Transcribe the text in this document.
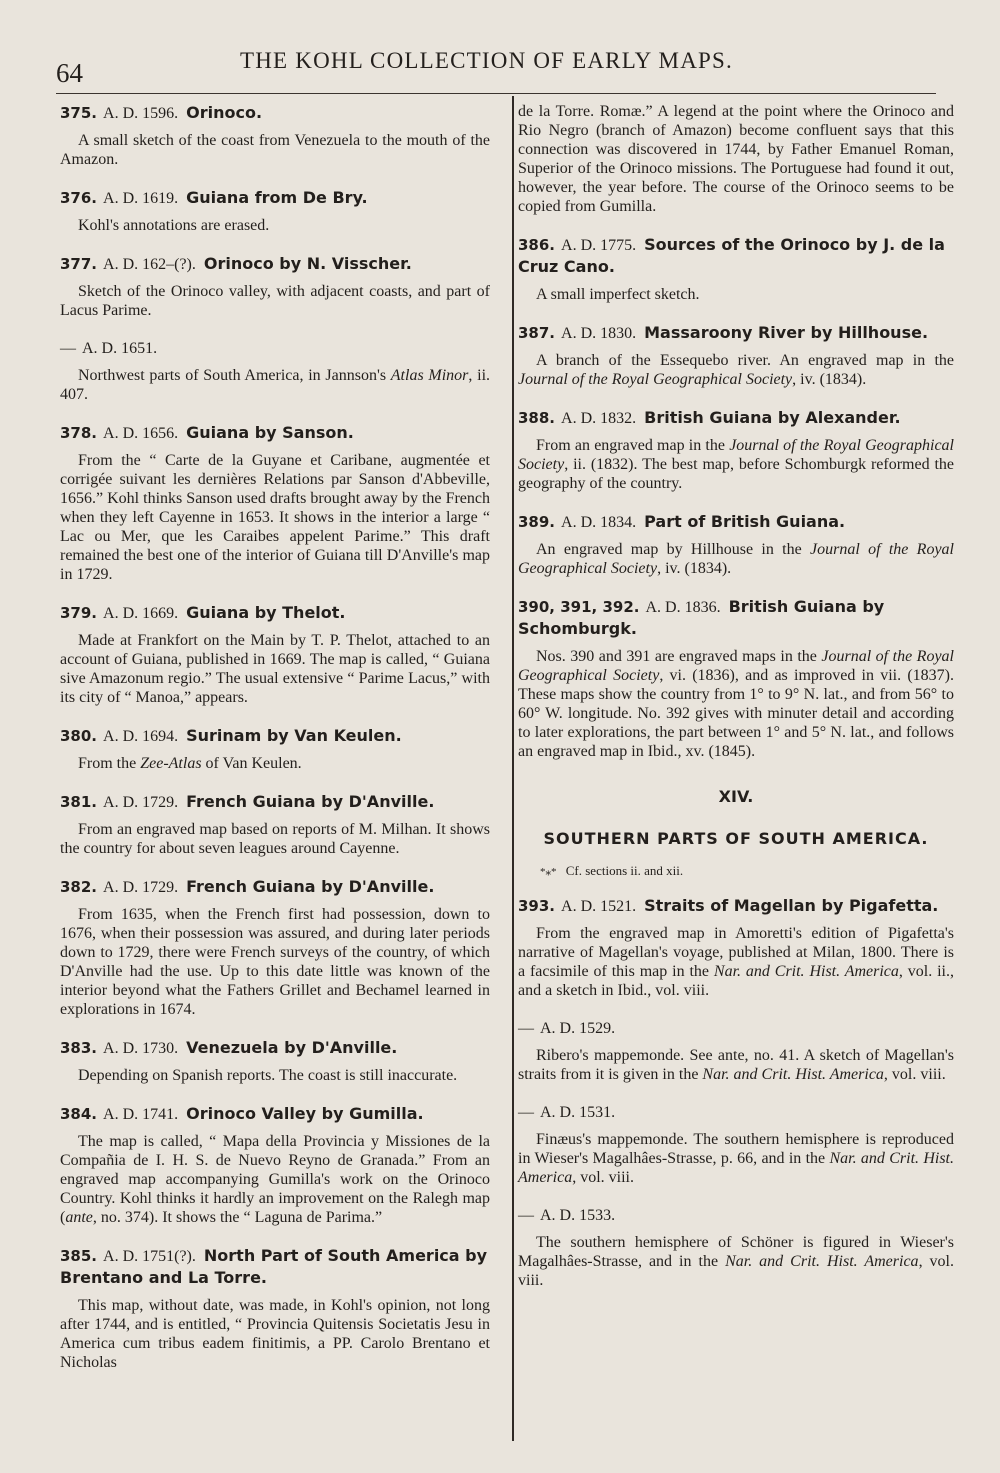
64	THE KOHL COLLECTION OF EARLY MAPS.
375. A. D. 1596. Orinoco.

A small sketch of the coast from Venezuela to the mouth of the Amazon.

376. A. D. 1619. Guiana from De Bry.

Kohl's annotations are erased.

377. A. D. 162–(?). Orinoco by N. Visscher.

Sketch of the Orinoco valley, with adjacent coasts, and part of Lacus Parime.

— A. D. 1651.

Northwest parts of South America, in Jannson's Atlas Minor, ii. 407.

378. A. D. 1656. Guiana by Sanson.

From the “ Carte de la Guyane et Caribane, augmentée et corrigée suivant les dernières Relations par Sanson d'Abbeville, 1656.” Kohl thinks Sanson used drafts brought away by the French when they left Cayenne in 1653. It shows in the interior a large “ Lac ou Mer, que les Caraibes appelent Parime.” This draft remained the best one of the interior of Guiana till D'Anville's map in 1729.

379. A. D. 1669. Guiana by Thelot.

Made at Frankfort on the Main by T. P. Thelot, attached to an account of Guiana, published in 1669. The map is called, “ Guiana sive Amazonum regio.” The usual extensive “ Parime Lacus,” with its city of “ Manoa,” appears.

380. A. D. 1694. Surinam by Van Keulen.

From the Zee-Atlas of Van Keulen.

381. A. D. 1729. French Guiana by D'Anville.

From an engraved map based on reports of M. Milhan. It shows the country for about seven leagues around Cayenne.

382. A. D. 1729. French Guiana by D'Anville.

From 1635, when the French first had possession, down to 1676, when their possession was assured, and during later periods down to 1729, there were French surveys of the country, of which D'Anville had the use. Up to this date little was known of the interior beyond what the Fathers Grillet and Bechamel learned in explorations in 1674.

383. A. D. 1730. Venezuela by D'Anville.

Depending on Spanish reports. The coast is still inaccurate.

384. A. D. 1741. Orinoco Valley by Gumilla.

The map is called, “ Mapa della Provincia y Missiones de la Compañia de I. H. S. de Nuevo Reyno de Granada.” From an engraved map accompanying Gumilla's work on the Orinoco Country. Kohl thinks it hardly an improvement on the Ralegh map (ante, no. 374). It shows the “ Laguna de Parima.”

385. A. D. 1751(?). North Part of South America by Brentano and La Torre.

This map, without date, was made, in Kohl's opinion, not long after 1744, and is entitled, “ Provincia Quitensis Societatis Jesu in America cum tribus eadem finitimis, a PP. Carolo Brentano et Nicholas

de la Torre. Romæ.” A legend at the point where the Orinoco and Rio Negro (branch of Amazon) become confluent says that this connection was discovered in 1744, by Father Emanuel Roman, Superior of the Orinoco missions. The Portuguese had found it out, however, the year before. The course of the Orinoco seems to be copied from Gumilla.

386. A. D. 1775. Sources of the Orinoco by J. de la Cruz Cano.

A small imperfect sketch.

387. A. D. 1830. Massaroony River by Hillhouse.

A branch of the Essequebo river. An engraved map in the Journal of the Royal Geographical Society, iv. (1834).

388. A. D. 1832. British Guiana by Alexander.

From an engraved map in the Journal of the Royal Geographical Society, ii. (1832). The best map, before Schomburgk reformed the geography of the country.

389. A. D. 1834. Part of British Guiana.

An engraved map by Hillhouse in the Journal of the Royal Geographical Society, iv. (1834).

390, 391, 392. A. D. 1836. British Guiana by Schomburgk.

Nos. 390 and 391 are engraved maps in the Journal of the Royal Geographical Society, vi. (1836), and as improved in vii. (1837). These maps show the country from 1° to 9° N. lat., and from 56° to 60° W. longitude. No. 392 gives with minuter detail and according to later explorations, the part between 1° and 5° N. lat., and follows an engraved map in Ibid., xv. (1845).

XIV.
SOUTHERN PARTS OF SOUTH AMERICA.
*⁎* Cf. sections ii. and xii.
393. A. D. 1521. Straits of Magellan by Pigafetta.

From the engraved map in Amoretti's edition of Pigafetta's narrative of Magellan's voyage, published at Milan, 1800. There is a facsimile of this map in the Nar. and Crit. Hist. America, vol. ii., and a sketch in Ibid., vol. viii.

— A. D. 1529.

Ribero's mappemonde. See ante, no. 41. A sketch of Magellan's straits from it is given in the Nar. and Crit. Hist. America, vol. viii.

— A. D. 1531.

Finæus's mappemonde. The southern hemisphere is reproduced in Wieser's Magalhâes-Strasse, p. 66, and in the Nar. and Crit. Hist. America, vol. viii.

— A. D. 1533.

The southern hemisphere of Schöner is figured in Wieser's Magalhâes-Strasse, and in the Nar. and Crit. Hist. America, vol. viii.
